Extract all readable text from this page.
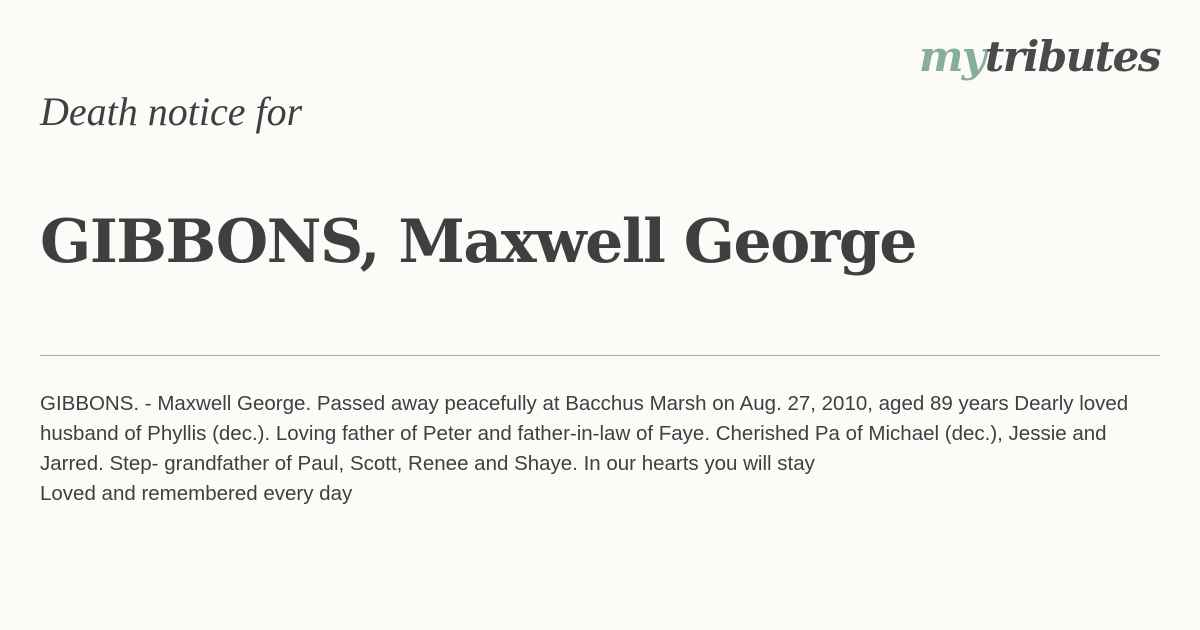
mytributes
Death notice for
GIBBONS, Maxwell George

GIBBONS. - Maxwell George. Passed away peacefully at Bacchus Marsh on Aug. 27, 2010, aged 89 years Dearly loved husband of Phyllis (dec.). Loving father of Peter and father-in-law of Faye. Cherished Pa of Michael (dec.), Jessie and Jarred. Step- grandfather of Paul, Scott, Renee and Shaye. In our hearts you will stay
Loved and remembered every day
